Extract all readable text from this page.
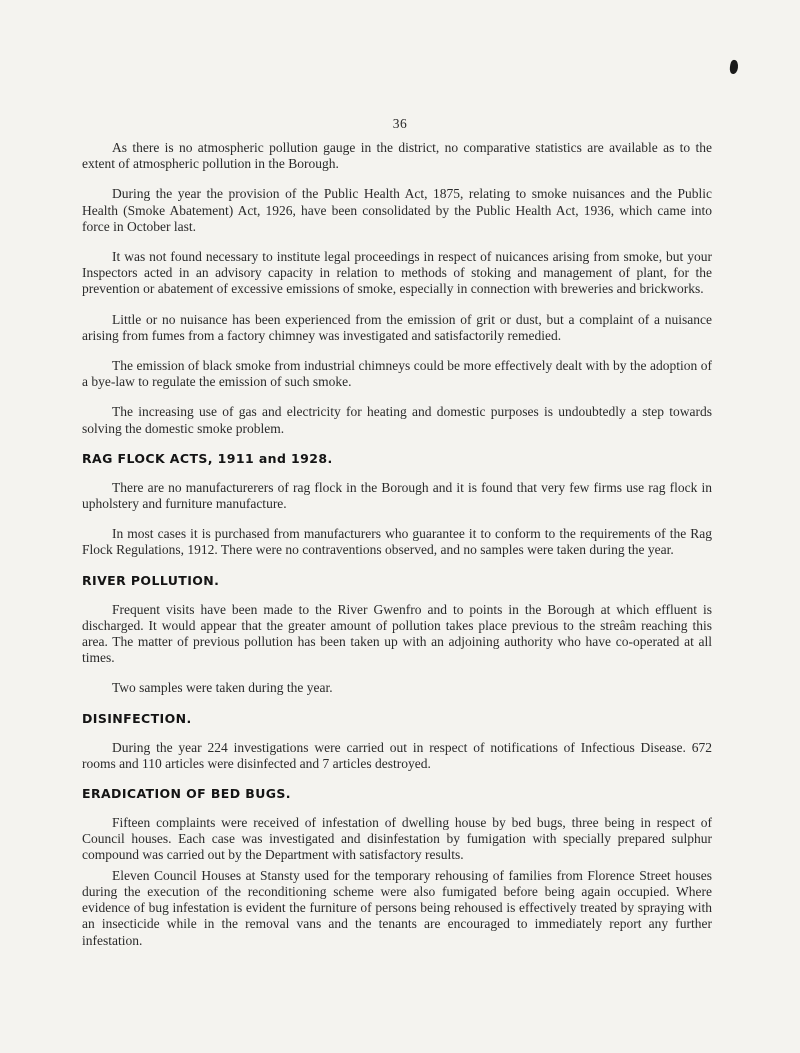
36

As there is no atmospheric pollution gauge in the district, no comparative statistics are available as to the extent of atmospheric pollution in the Borough.

During the year the provision of the Public Health Act, 1875, relating to smoke nuisances and the Public Health (Smoke Abatement) Act, 1926, have been consolidated by the Public Health Act, 1936, which came into force in October last.

It was not found necessary to institute legal proceedings in respect of nuicances arising from smoke, but your Inspectors acted in an advisory capacity in relation to methods of stoking and management of plant, for the prevention or abatement of excessive emissions of smoke, especially in connection with breweries and brickworks.

Little or no nuisance has been experienced from the emission of grit or dust, but a complaint of a nuisance arising from fumes from a factory chimney was investigated and satisfactorily remedied.

The emission of black smoke from industrial chimneys could be more effectively dealt with by the adoption of a bye-law to regulate the emission of such smoke.

The increasing use of gas and electricity for heating and domestic purposes is undoubtedly a step towards solving the domestic smoke problem.

RAG FLOCK ACTS, 1911 and 1928.

There are no manufacturerers of rag flock in the Borough and it is found that very few firms use rag flock in upholstery and furniture manufacture.

In most cases it is purchased from manufacturers who guarantee it to conform to the requirements of the Rag Flock Regulations, 1912. There were no contraventions observed, and no samples were taken during the year.

RIVER POLLUTION.

Frequent visits have been made to the River Gwenfro and to points in the Borough at which effluent is discharged. It would appear that the greater amount of pollution takes place previous to the streâm reaching this area. The matter of previous pollution has been taken up with an adjoining authority who have co-operated at all times.

Two samples were taken during the year.

DISINFECTION.

During the year 224 investigations were carried out in respect of notifications of Infectious Disease. 672 rooms and 110 articles were disinfected and 7 articles destroyed.

ERADICATION OF BED BUGS.

Fifteen complaints were received of infestation of dwelling house by bed bugs, three being in respect of Council houses. Each case was investigated and disinfestation by fumigation with specially prepared sulphur compound was carried out by the Department with satisfactory results.

Eleven Council Houses at Stansty used for the temporary rehousing of families from Florence Street houses during the execution of the reconditioning scheme were also fumigated before being again occupied. Where evidence of bug infestation is evident the furniture of persons being rehoused is effectively treated by spraying with an insecticide while in the removal vans and the tenants are encouraged to immediately report any further infestation.
